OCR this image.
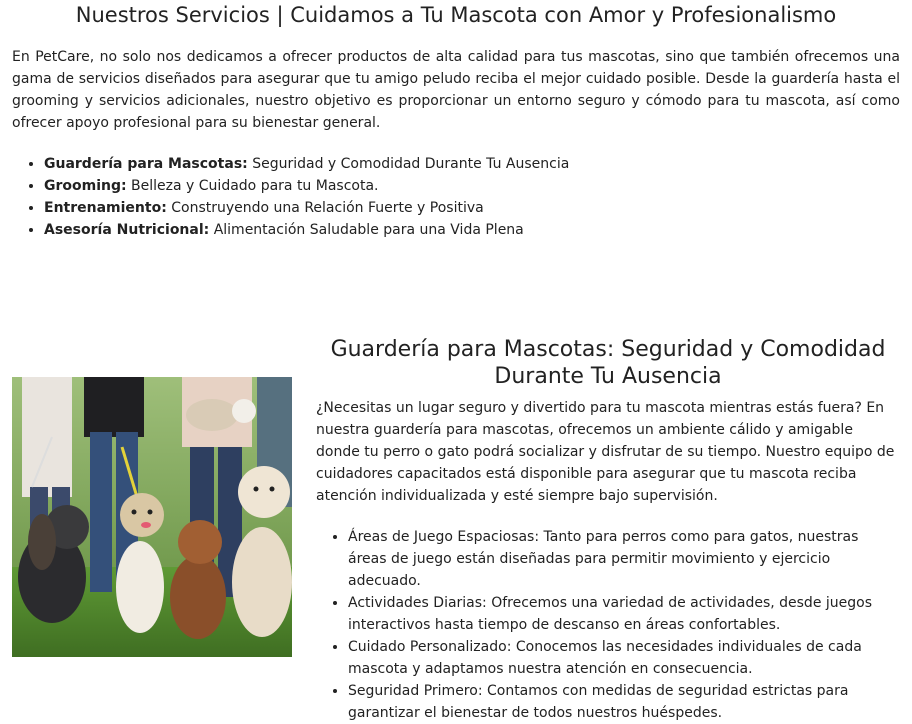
Nuestros Servicios | Cuidamos a Tu Mascota con Amor y Profesionalismo

En PetCare, no solo nos dedicamos a ofrecer productos de alta calidad para tus mascotas, sino que también ofrecemos una gama de servicios diseñados para asegurar que tu amigo peludo reciba el mejor cuidado posible. Desde la guardería hasta el grooming y servicios adicionales, nuestro objetivo es proporcionar un entorno seguro y cómodo para tu mascota, así como ofrecer apoyo profesional para su bienestar general.

• Guardería para Mascotas: Seguridad y Comodidad Durante Tu Ausencia
• Grooming: Belleza y Cuidado para tu Mascota.
• Entrenamiento: Construyendo una Relación Fuerte y Positiva
• Asesoría Nutricional: Alimentación Saludable para una Vida Plena
Guardería para Mascotas: Seguridad y Comodidad Durante Tu Ausencia

¿Necesitas un lugar seguro y divertido para tu mascota mientras estás fuera? En nuestra guardería para mascotas, ofrecemos un ambiente cálido y amigable donde tu perro o gato podrá socializar y disfrutar de su tiempo. Nuestro equipo de cuidadores capacitados está disponible para asegurar que tu mascota reciba atención individualizada y esté siempre bajo supervisión.

• Áreas de Juego Espaciosas: Tanto para perros como para gatos, nuestras áreas de juego están diseñadas para permitir movimiento y ejercicio adecuado.
• Actividades Diarias: Ofrecemos una variedad de actividades, desde juegos interactivos hasta tiempo de descanso en áreas confortables.
• Cuidado Personalizado: Conocemos las necesidades individuales de cada mascota y adaptamos nuestra atención en consecuencia.
• Seguridad Primero: Contamos con medidas de seguridad estrictas para garantizar el bienestar de todos nuestros huéspedes.
